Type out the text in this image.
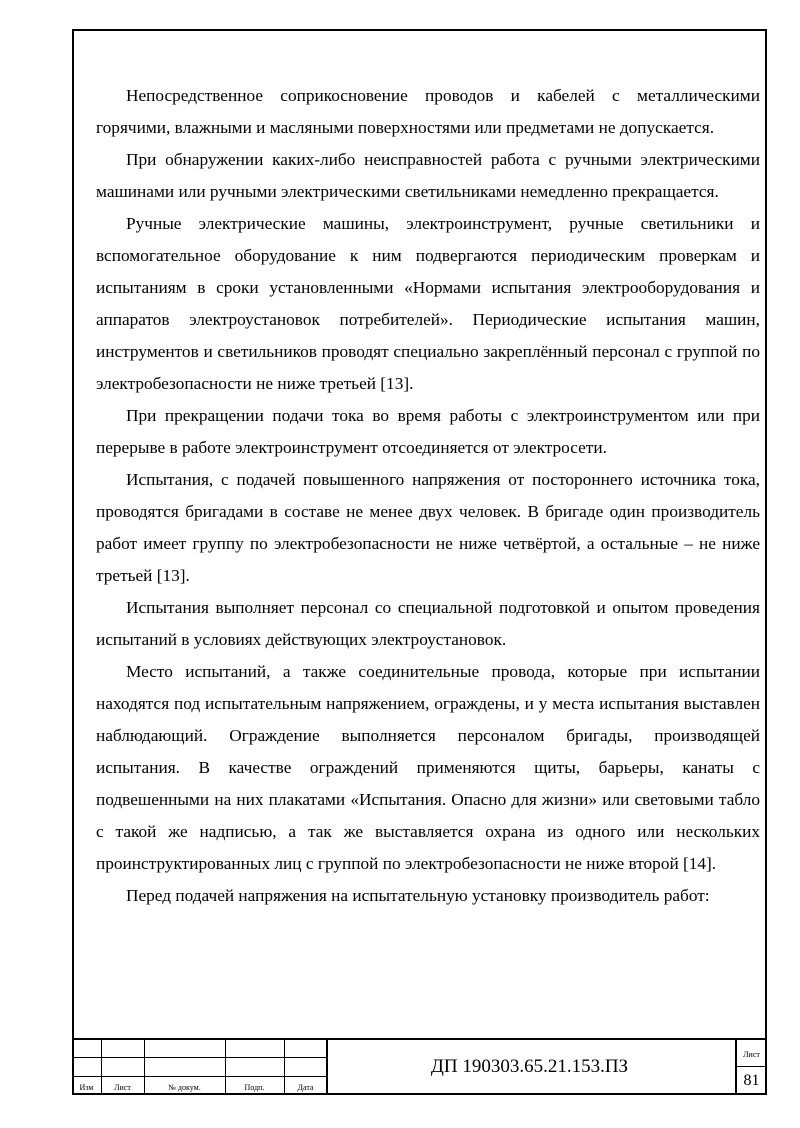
Непосредственное соприкосновение проводов и кабелей с металлическими горячими, влажными и масляными поверхностями или предметами не допускается.

При обнаружении каких-либо неисправностей работа с ручными электрическими машинами или ручными электрическими светильниками немедленно прекращается.

Ручные электрические машины, электроинструмент, ручные светильники и вспомогательное оборудование к ним подвергаются периодическим проверкам и испытаниям в сроки установленными «Нормами испытания электрооборудования и аппаратов электроустановок потребителей». Периодические испытания машин, инструментов и светильников проводят специально закреплённый персонал с группой по электробезопасности не ниже третьей [13].

При прекращении подачи тока во время работы с электроинструментом или при перерыве в работе электроинструмент отсоединяется от электросети.

Испытания, с подачей повышенного напряжения от постороннего источника тока, проводятся бригадами в составе не менее двух человек. В бригаде один производитель работ имеет группу по электробезопасности не ниже четвёртой, а остальные – не ниже третьей [13].

Испытания выполняет персонал со специальной подготовкой и опытом проведения испытаний в условиях действующих электроустановок.

Место испытаний, а также соединительные провода, которые при испытании находятся под испытательным напряжением, ограждены, и у места испытания выставлен наблюдающий. Ограждение выполняется персоналом бригады, производящей испытания. В качестве ограждений применяются щиты, барьеры, канаты с подвешенными на них плакатами «Испытания. Опасно для жизни» или световыми табло с такой же надписью, а так же выставляется охрана из одного или нескольких проинструктированных лиц с группой по электробезопасности не ниже второй [14].

Перед подачей напряжения на испытательную установку производитель работ:

Изм	Лист	№ докум.	Подп.	Дата
ДП 190303.65.21.153.ПЗ
Лист
81
